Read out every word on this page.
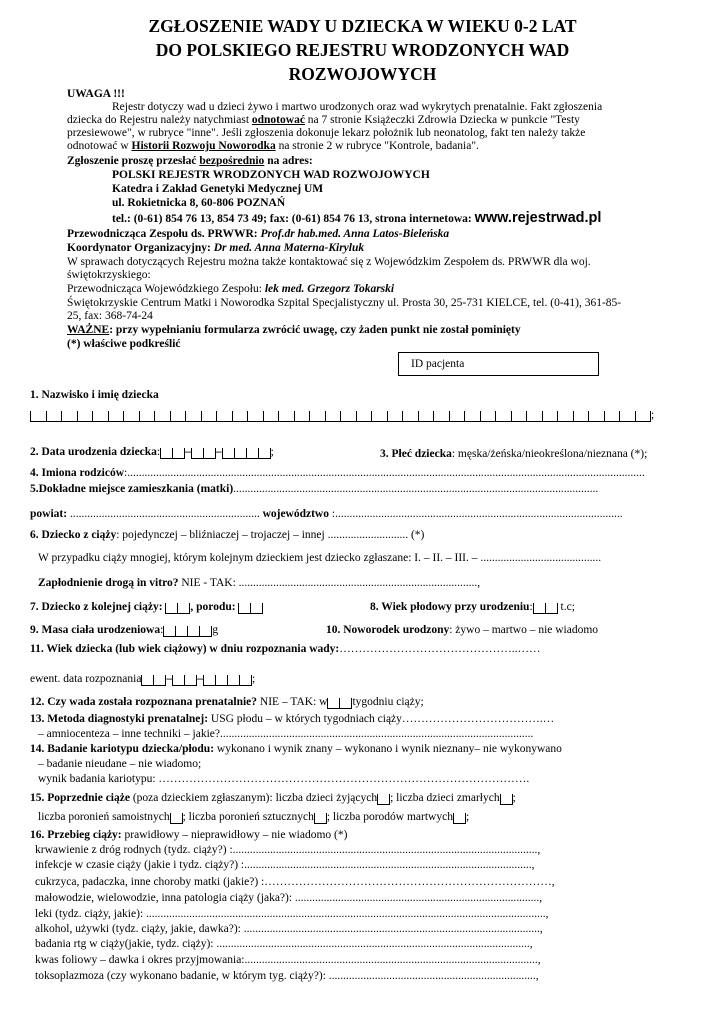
ZGŁOSZENIE WADY U DZIECKA W WIEKU 0-2 LAT
DO POLSKIEGO REJESTRU WRODZONYCH WAD
ROZWOJOWYCH
UWAGA !!!
Rejestr dotyczy wad u dzieci żywo i martwo urodzonych oraz wad wykrytych prenatalnie. Fakt zgłoszenia
dziecka do Rejestru należy natychmiast odnotować na 7 stronie Książeczki Zdrowia Dziecka w punkcie "Testy
przesiewowe", w rubryce "inne". Jeśli zgłoszenia dokonuje lekarz położnik lub neonatolog, fakt ten należy także
odnotować w Historii Rozwoju Noworodka na stronie 2 w rubryce "Kontrole, badania".
Zgłoszenie proszę przesłać bezpośrednio na adres:
POLSKI REJESTR WRODZONYCH WAD ROZWOJOWYCH
Katedra i Zakład Genetyki Medycznej UM
ul. Rokietnicka 8, 60-806 POZNAŃ
tel.: (0-61) 854 76 13, 854 73 49; fax: (0-61) 854 76 13, strona internetowa: www.rejestrwad.pl
Przewodnicząca Zespołu ds. PRWWR: Prof.dr hab.med. Anna Latos-Bieleńska
Koordynator Organizacyjny: Dr med. Anna Materna-Kiryluk
W sprawach dotyczących Rejestru można także kontaktować się z Wojewódzkim Zespołem ds. PRWWR dla woj.
świętokrzyskiego:
Przewodnicząca Wojewódzkiego Zespołu: lek med. Grzegorz Tokarski
Świętokrzyskie Centrum Matki i Noworodka Szpital Specjalistyczny ul. Prosta 30, 25-731 KIELCE, tel. (0-41), 361-85-
25, fax: 368-74-24
WAŻNE: przy wypełnianiu formularza zwrócić uwagę, czy żaden punkt nie został pominięty
(*) właściwe podkreślić
ID pacjenta
1. Nazwisko i imię dziecka
;
2. Data urodzenia dziecka: – –	;	3. Płeć dziecka: męska/żeńska/nieokreślona/nieznana (*);
4. Imiona rodziców:....................................................................................................................................................................................
5.Dokładne miejsce zamieszkania (matki)...............................................................................................................................
powiat: .................................................................. województwo :....................................................................................................
6. Dziecko z ciąży: pojedynczej – bliźniaczej – trojaczej – innej ............................ (*)
W przypadku ciąży mnogiej, którym kolejnym dzieckiem jest dziecko zgłaszane: I. – II. – III. – ..........................................
Zapłodnienie drogą in vitro? NIE - TAK: ...................................................................................,
7. Dziecko z kolejnej ciąży: , porodu:	8. Wiek płodowy przy urodzeniu: t.c;
9. Masa ciała urodzeniowa:	g	10. Noworodek urodzony: żywo – martwo – nie wiadomo
11. Wiek dziecka (lub wiek ciążowy) w dniu rozpoznania wady:………………………………………..……
ewent. data rozpoznania – –	;
12. Czy wada została rozpoznana prenatalnie? NIE – TAK: w tygodniu ciąży;
13. Metoda diagnostyki prenatalnej: USG płodu – w których tygodniach ciąży……………………………….…
– amniocenteza – inne techniki – jakie?.............................................................................................................
14. Badanie kariotypu dziecka/płodu: wykonano i wynik znany – wykonano i wynik nieznany– nie wykonywano
– badanie nieudane – nie wiadomo;
wynik badania kariotypu: …………………………………………………………………………………….
15. Poprzednie ciąże (poza dzieckiem zgłaszanym): liczba dzieci żyjących ; liczba dzieci zmarłych ;
liczba poronień samoistnych ; liczba poronień sztucznych ; liczba porodów martwych ;
16. Przebieg ciąży: prawidłowy – nieprawidłowy – nie wiadomo (*)
krwawienie z dróg rodnych (tydz. ciąży?) :..........................................................................................................,
infekcje w czasie ciąży (jakie i tydz. ciąży?) :....................................................................................................,
cukrzyca, padaczka, inne choroby matki (jakie?) :…………………………………………………………………,
małowodzie, wielowodzie, inna patologia ciąży (jaka?): .....................................................................................,
leki (tydz. ciąży, jakie): ...........................................................................................................................................,
alkohol, używki (tydz. ciąży, jakie, dawka?): .......................................................................................................,
badania rtg w ciąży(jakie, tydz. ciąży): .............................................................................................................,
kwas foliowy – dawka i okres przyjmowania:......................................................................................................,
toksoplazmoza (czy wykonano badanie, w którym tyg. ciąży?): ........................................................................,
